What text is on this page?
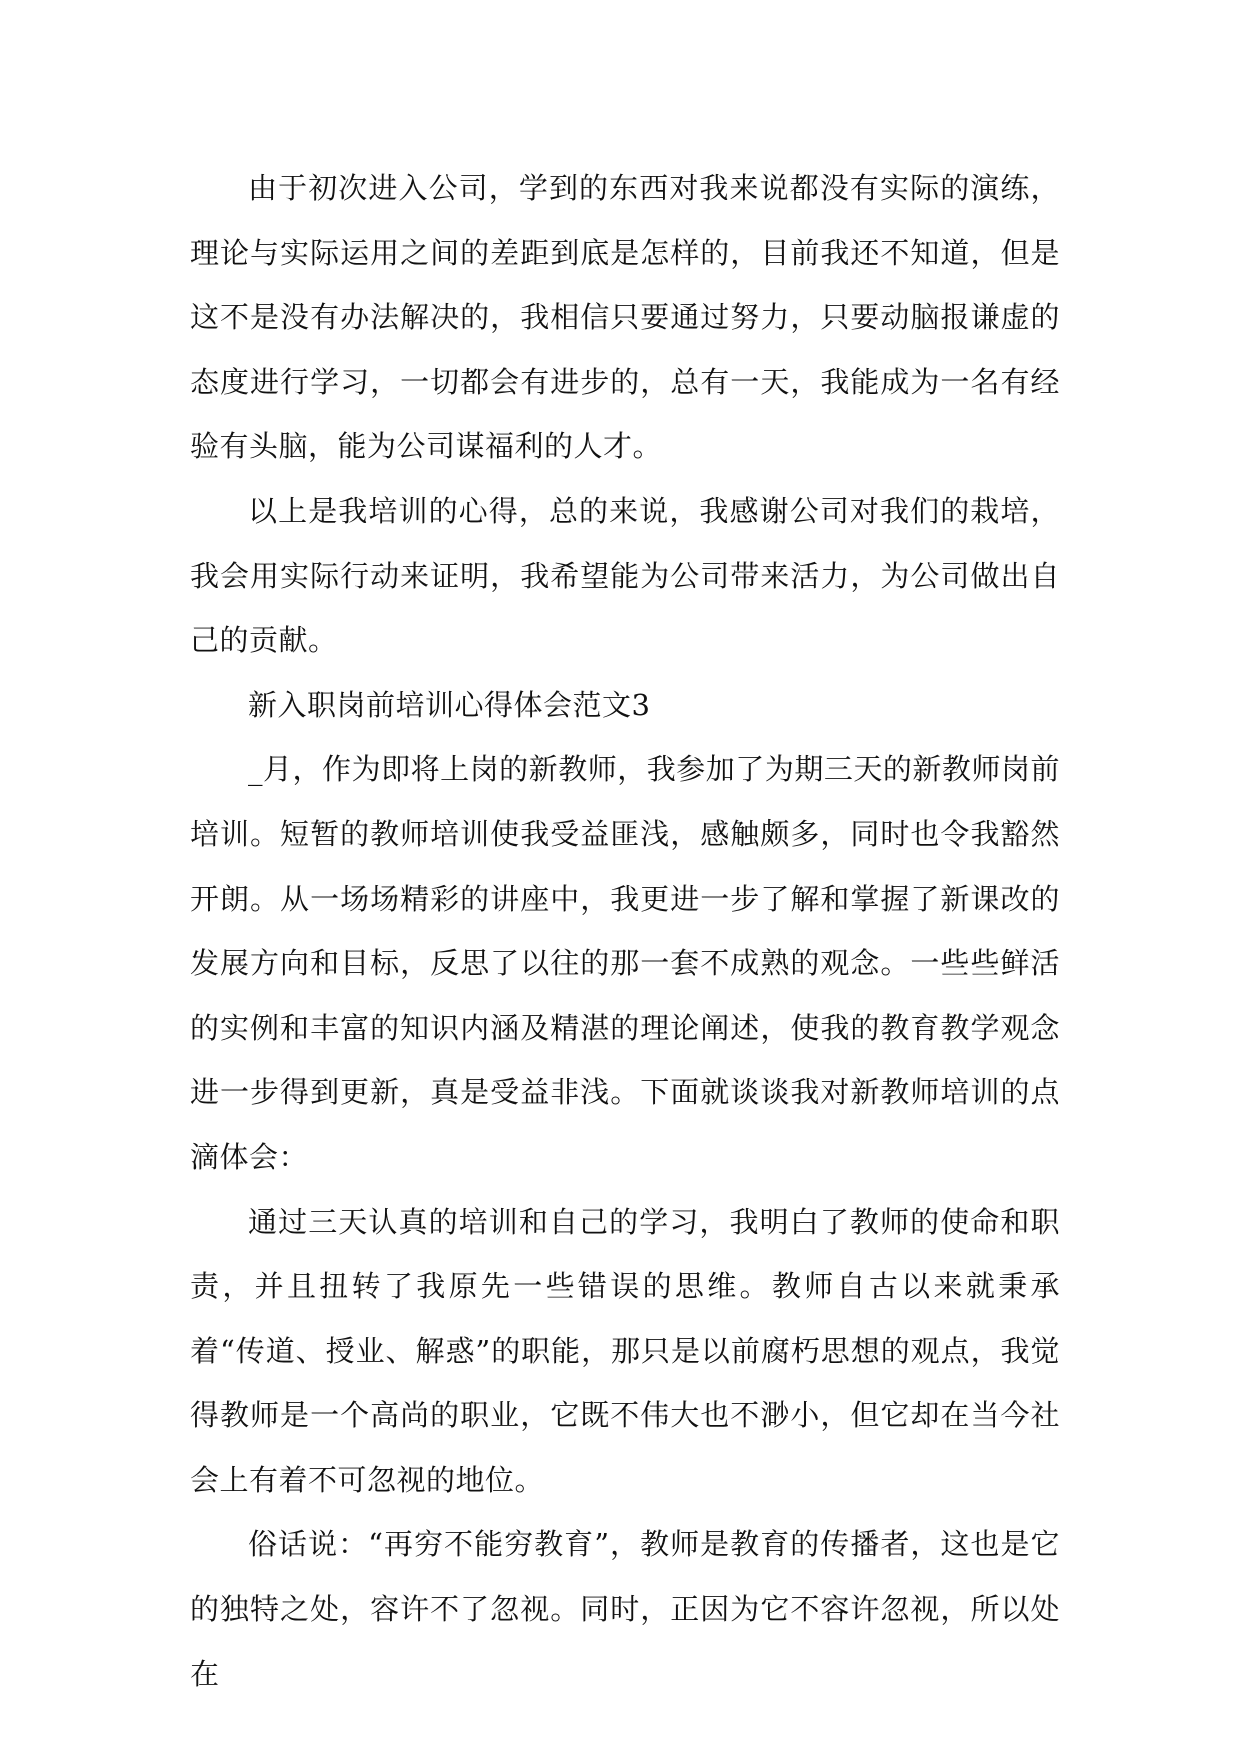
由于初次进入公司，学到的东西对我来说都没有实际的演练，理论与实际运用之间的差距到底是怎样的，目前我还不知道，但是这不是没有办法解决的，我相信只要通过努力，只要动脑报谦虚的态度进行学习，一切都会有进步的，总有一天，我能成为一名有经验有头脑，能为公司谋福利的人才。

以上是我培训的心得，总的来说，我感谢公司对我们的栽培，我会用实际行动来证明，我希望能为公司带来活力，为公司做出自己的贡献。

新入职岗前培训心得体会范文3

_月，作为即将上岗的新教师，我参加了为期三天的新教师岗前培训。短暂的教师培训使我受益匪浅，感触颇多，同时也令我豁然开朗。从一场场精彩的讲座中，我更进一步了解和掌握了新课改的发展方向和目标，反思了以往的那一套不成熟的观念。一些些鲜活的实例和丰富的知识内涵及精湛的理论阐述，使我的教育教学观念进一步得到更新，真是受益非浅。下面就谈谈我对新教师培训的点滴体会：

通过三天认真的培训和自己的学习，我明白了教师的使命和职责，并且扭转了我原先一些错误的思维。教师自古以来就秉承着“传道、授业、解惑”的职能，那只是以前腐朽思想的观点，我觉得教师是一个高尚的职业，它既不伟大也不渺小，但它却在当今社会上有着不可忽视的地位。

俗话说：“再穷不能穷教育”，教师是教育的传播者，这也是它的独特之处，容许不了忽视。同时，正因为它不容许忽视，所以处在
